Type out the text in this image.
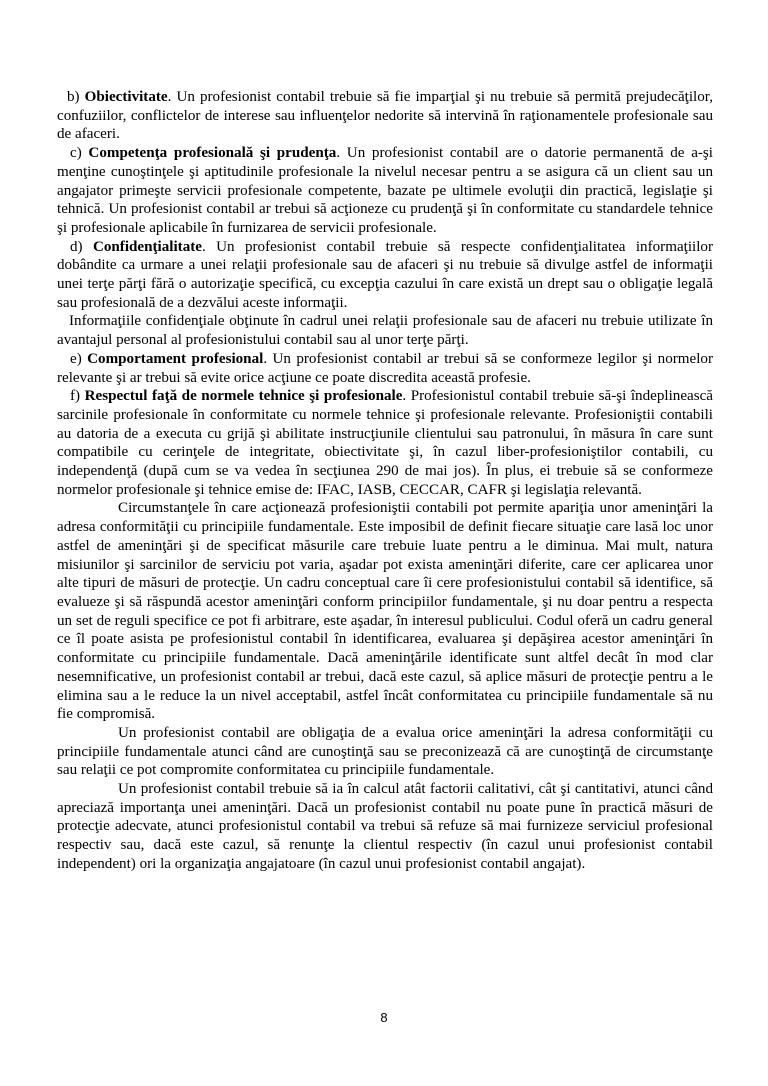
b) Obiectivitate. Un profesionist contabil trebuie să fie imparţial şi nu trebuie să permită prejudecăţilor, confuziilor, conflictelor de interese sau influenţelor nedorite să intervină în raţionamentele profesionale sau de afaceri.

c) Competenţa profesională şi prudenţa. Un profesionist contabil are o datorie permanentă de a-şi menţine cunoştinţele şi aptitudinile profesionale la nivelul necesar pentru a se asigura că un client sau un angajator primeşte servicii profesionale competente, bazate pe ultimele evoluţii din practică, legislaţie şi tehnică. Un profesionist contabil ar trebui să acţioneze cu prudenţă şi în conformitate cu standardele tehnice şi profesionale aplicabile în furnizarea de servicii profesionale.

d) Confidenţialitate. Un profesionist contabil trebuie să respecte confidenţialitatea informaţiilor dobândite ca urmare a unei relaţii profesionale sau de afaceri şi nu trebuie să divulge astfel de informaţii unei terţe părţi fără o autorizaţie specifică, cu excepţia cazului în care există un drept sau o obligaţie legală sau profesională de a dezvălui aceste informaţii.

Informaţiile confidenţiale obţinute în cadrul unei relaţii profesionale sau de afaceri nu trebuie utilizate în avantajul personal al profesionistului contabil sau al unor terţe părţi.

e) Comportament profesional. Un profesionist contabil ar trebui să se conformeze legilor şi normelor relevante şi ar trebui să evite orice acţiune ce poate discredita această profesie.

f) Respectul faţă de normele tehnice şi profesionale. Profesionistul contabil trebuie să-şi îndeplinească sarcinile profesionale în conformitate cu normele tehnice şi profesionale relevante. Profesioniştii contabili au datoria de a executa cu grijă şi abilitate instrucţiunile clientului sau patronului, în măsura în care sunt compatibile cu cerinţele de integritate, obiectivitate şi, în cazul liber-profesioniştilor contabili, cu independenţă (după cum se va vedea în secţiunea 290 de mai jos). În plus, ei trebuie să se conformeze normelor profesionale şi tehnice emise de: IFAC, IASB, CECCAR, CAFR şi legislaţia relevantă.

Circumstanţele în care acţionează profesioniştii contabili pot permite apariţia unor ameninţări la adresa conformităţii cu principiile fundamentale. Este imposibil de definit fiecare situaţie care lasă loc unor astfel de ameninţări şi de specificat măsurile care trebuie luate pentru a le diminua. Mai mult, natura misiunilor şi sarcinilor de serviciu pot varia, aşadar pot exista ameninţări diferite, care cer aplicarea unor alte tipuri de măsuri de protecţie. Un cadru conceptual care îi cere profesionistului contabil să identifice, să evalueze şi să răspundă acestor ameninţări conform principiilor fundamentale, şi nu doar pentru a respecta un set de reguli specifice ce pot fi arbitrare, este aşadar, în interesul publicului. Codul oferă un cadru general ce îl poate asista pe profesionistul contabil în identificarea, evaluarea şi depăşirea acestor ameninţări în conformitate cu principiile fundamentale. Dacă ameninţările identificate sunt altfel decât în mod clar nesemnificative, un profesionist contabil ar trebui, dacă este cazul, să aplice măsuri de protecţie pentru a le elimina sau a le reduce la un nivel acceptabil, astfel încât conformitatea cu principiile fundamentale să nu fie compromisă.

Un profesionist contabil are obligaţia de a evalua orice ameninţări la adresa conformităţii cu principiile fundamentale atunci când are cunoştinţă sau se preconizează că are cunoştinţă de circumstanţe sau relaţii ce pot compromite conformitatea cu principiile fundamentale.

Un profesionist contabil trebuie să ia în calcul atât factorii calitativi, cât şi cantitativi, atunci când apreciază importanţa unei ameninţări. Dacă un profesionist contabil nu poate pune în practică măsuri de protecţie adecvate, atunci profesionistul contabil va trebui să refuze să mai furnizeze serviciul profesional respectiv sau, dacă este cazul, să renunţe la clientul respectiv (în cazul unui profesionist contabil independent) ori la organizaţia angajatoare (în cazul unui profesionist contabil angajat).

8
